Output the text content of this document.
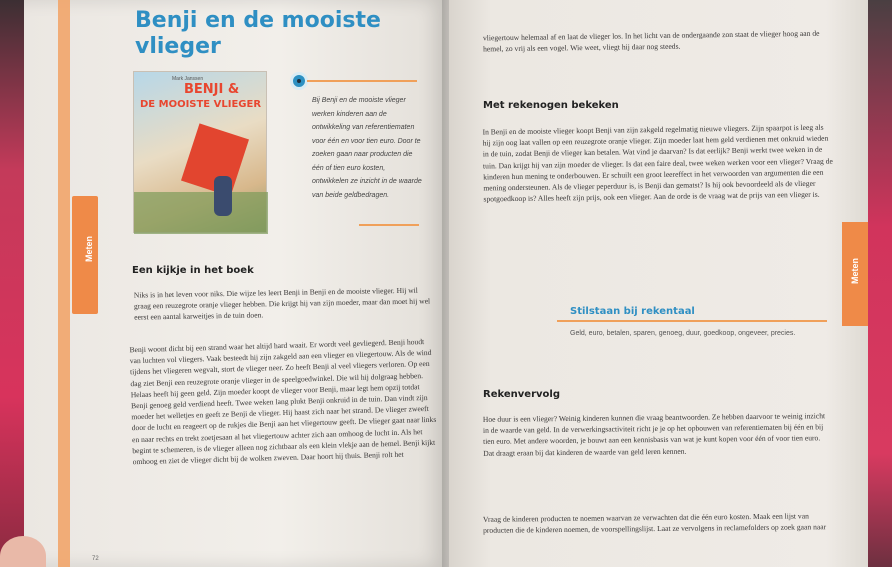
Meten
Benji en de mooiste vlieger
Mark Janssen
BENJI &
DE MOOISTE VLIEGER	Bij Benji en de mooiste vlieger werken kinderen aan de ontwikkeling van referentiematen voor één en voor tien euro. Door te zoeken gaan naar producten die één of tien euro kosten, ontwikkelen ze inzicht in de waarde van beide geldbedragen.

Een kijkje in het boek

Niks is in het leven voor niks. Die wijze les leert Benji in Benji en de mooiste vlieger. Hij wil graag een reuzegrote oranje vlieger hebben. Die krijgt hij van zijn moeder, maar dan moet hij wel eerst een aantal karweitjes in de tuin doen.

Benji woont dicht bij een strand waar het altijd hard waait. Er wordt veel gevliegerd. Benji houdt van luchten vol vliegers. Vaak besteedt hij zijn zakgeld aan een vlieger en vliegertouw. Als de wind tijdens het vliegeren wegvalt, stort de vlieger neer. Zo heeft Benji al veel vliegers verloren. Op een dag ziet Benji een reuzegrote oranje vlieger in de speelgoedwinkel. Die wil hij dolgraag hebben. Helaas heeft hij geen geld. Zijn moeder koopt de vlieger voor Benji, maar legt hem opzij totdat Benji genoeg geld verdiend heeft. Twee weken lang plukt Benji onkruid in de tuin. Dan vindt zijn moeder het welletjes en geeft ze Benji de vlieger. Hij haast zich naar het strand. De vlieger zweeft door de lucht en reageert op de rukjes die Benji aan het vliegertouw geeft. De vlieger gaat naar links en naar rechts en trekt zoetjesaan al het vliegertouw achter zich aan omhoog de lucht in. Als het begint te schemeren, is de vlieger alleen nog zichtbaar als een klein vlekje aan de hemel. Benji kijkt omhoog en ziet de vlieger dicht bij de wolken zweven. Daar hoort hij thuis. Benji rolt het

72

vliegertouw helemaal af en laat de vlieger los. In het licht van de ondergaande zon staat de vlieger hoog aan de hemel, zo vrij als een vogel. Wie weet, vliegt hij daar nog steeds.

Met rekenogen bekeken

In Benji en de mooiste vlieger koopt Benji van zijn zakgeld regelmatig nieuwe vliegers. Zijn spaarpot is leeg als hij zijn oog laat vallen op een reuzegrote oranje vlieger. Zijn moeder laat hem geld verdienen met onkruid wieden in de tuin, zodat Benji de vlieger kan betalen. Wat vind je daarvan? Is dat eerlijk? Benji werkt twee weken in de tuin. Dan krijgt hij van zijn moeder de vlieger. Is dat een faire deal, twee weken werken voor een vlieger? Vraag de kinderen hun mening te onderbouwen. Er schuilt een groot leereffect in het verwoorden van argumenten die een mening ondersteunen. Als de vlieger peperduur is, is Benji dan gematst? Is hij ook bevoordeeld als de vlieger spotgoedkoop is? Alles heeft zijn prijs, ook een vlieger. Aan de orde is de vraag wat de prijs van een vlieger is.

Stilstaan bij rekentaal
Geld, euro, betalen, sparen, genoeg, duur, goedkoop, ongeveer, precies.
Rekenvervolg

Hoe duur is een vlieger? Weinig kinderen kunnen die vraag beantwoorden. Ze hebben daarvoor te weinig inzicht in de waarde van geld. In de verwerkingsactiviteit richt je je op het opbouwen van referentiematen bij één en bij tien euro. Met andere woorden, je bouwt aan een kennisbasis van wat je kunt kopen voor één of voor tien euro. Dat draagt eraan bij dat kinderen de waarde van geld leren kennen.

Vraag de kinderen producten te noemen waarvan ze verwachten dat die één euro kosten. Maak een lijst van producten die de kinderen noemen, de voorspellingslijst. Laat ze vervolgens in reclamefolders op zoek gaan naar

Meten
